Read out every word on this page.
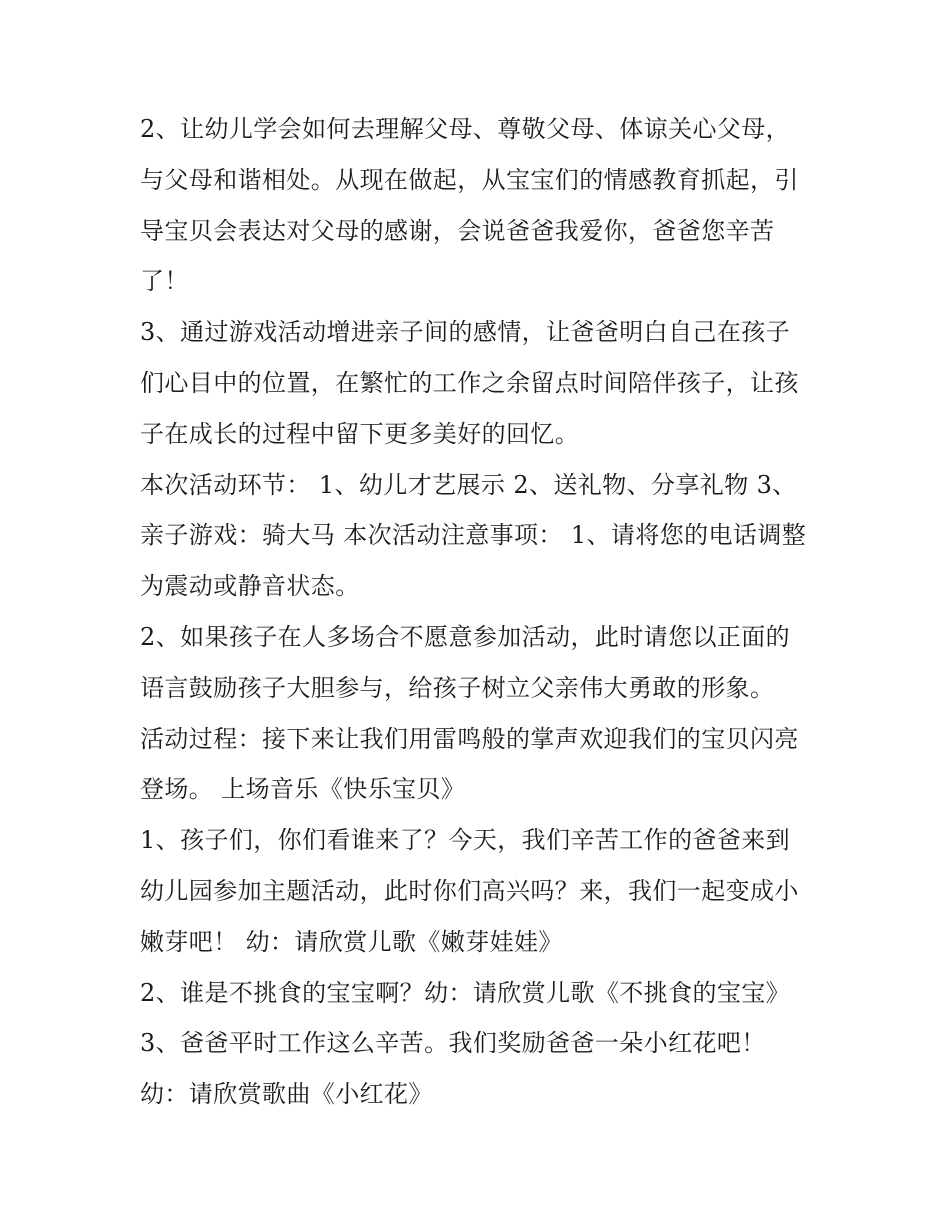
2、让幼儿学会如何去理解父母、尊敬父母、体谅关心父母，
与父母和谐相处。从现在做起，从宝宝们的情感教育抓起，引
导宝贝会表达对父母的感谢，会说爸爸我爱你，爸爸您辛苦
了！
3、通过游戏活动增进亲子间的感情，让爸爸明白自己在孩子
们心目中的位置，在繁忙的工作之余留点时间陪伴孩子，让孩
子在成长的过程中留下更多美好的回忆。
本次活动环节： 1、幼儿才艺展示 2、送礼物、分享礼物 3、
亲子游戏：骑大马 本次活动注意事项： 1、请将您的电话调整
为震动或静音状态。
2、如果孩子在人多场合不愿意参加活动，此时请您以正面的
语言鼓励孩子大胆参与，给孩子树立父亲伟大勇敢的形象。
活动过程：接下来让我们用雷鸣般的掌声欢迎我们的宝贝闪亮
登场。 上场音乐《快乐宝贝》
1、孩子们，你们看谁来了？今天，我们辛苦工作的爸爸来到
幼儿园参加主题活动，此时你们高兴吗？来，我们一起变成小
嫩芽吧！ 幼：请欣赏儿歌《嫩芽娃娃》
2、谁是不挑食的宝宝啊？幼：请欣赏儿歌《不挑食的宝宝》
3、爸爸平时工作这么辛苦。我们奖励爸爸一朵小红花吧！
幼：请欣赏歌曲《小红花》
